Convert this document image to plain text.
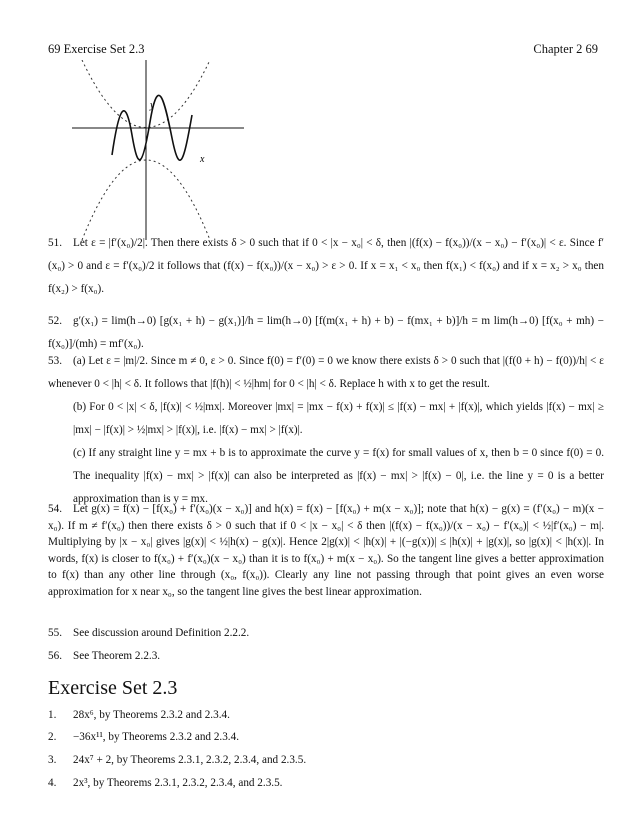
69 Exercise Set 2.3	Chapter 2 69
y
x
51. Let ε = |f′(x₀)/2|. Then there exists δ > 0 such that if 0 < |x − x₀| < δ, then |(f(x) − f(x₀))/(x − x₀) − f′(x₀)| < ε. Since f′(x₀) > 0 and ε = f′(x₀)/2 it follows that (f(x) − f(x₀))/(x − x₀) > ε > 0. If x = x₁ < x₀ then f(x₁) < f(x₀) and if x = x₂ > x₀ then f(x₂) > f(x₀).
52. g′(x₁) = lim(h→0) [g(x₁ + h) − g(x₁)]/h = lim(h→0) [f(m(x₁ + h) + b) − f(mx₁ + b)]/h = m lim(h→0) [f(x₀ + mh) − f(x₀)]/(mh) = mf′(x₀).
53. (a) Let ε = |m|/2. Since m ≠ 0, ε > 0. Since f(0) = f′(0) = 0 we know there exists δ > 0 such that |(f(0 + h) − f(0))/h| < ε whenever 0 < |h| < δ. It follows that |f(h)| < ½|hm| for 0 < |h| < δ. Replace h with x to get the result.
(b) For 0 < |x| < δ, |f(x)| < ½|mx|. Moreover |mx| = |mx − f(x) + f(x)| ≤ |f(x) − mx| + |f(x)|, which yields |f(x) − mx| ≥ |mx| − |f(x)| > ½|mx| > |f(x)|, i.e. |f(x) − mx| > |f(x)|.
(c) If any straight line y = mx + b is to approximate the curve y = f(x) for small values of x, then b = 0 since f(0) = 0. The inequality |f(x) − mx| > |f(x)| can also be interpreted as |f(x) − mx| > |f(x) − 0|, i.e. the line y = 0 is a better approximation than is y = mx.
54. Let g(x) = f(x) − [f(x₀) + f′(x₀)(x − x₀)] and h(x) = f(x) − [f(x₀) + m(x − x₀)]; note that h(x) − g(x) = (f′(x₀) − m)(x − x₀). If m ≠ f′(x₀) then there exists δ > 0 such that if 0 < |x − x₀| < δ then |(f(x) − f(x₀))/(x − x₀) − f′(x₀)| < ½|f′(x₀) − m|. Multiplying by |x − x₀| gives |g(x)| < ½|h(x) − g(x)|. Hence 2|g(x)| < |h(x)| + |(−g(x))| ≤ |h(x)| + |g(x)|, so |g(x)| < |h(x)|. In words, f(x) is closer to f(x₀) + f′(x₀)(x − x₀) than it is to f(x₀) + m(x − x₀). So the tangent line gives a better approximation to f(x) than any other line through (x₀, f(x₀)). Clearly any line not passing through that point gives an even worse approximation for x near x₀, so the tangent line gives the best linear approximation.
55. See discussion around Definition 2.2.2.
56. See Theorem 2.2.3.
Exercise Set 2.3
1. 28x⁶, by Theorems 2.3.2 and 2.3.4.
2. −36x¹¹, by Theorems 2.3.2 and 2.3.4.
3. 24x⁷ + 2, by Theorems 2.3.1, 2.3.2, 2.3.4, and 2.3.5.
4. 2x³, by Theorems 2.3.1, 2.3.2, 2.3.4, and 2.3.5.
